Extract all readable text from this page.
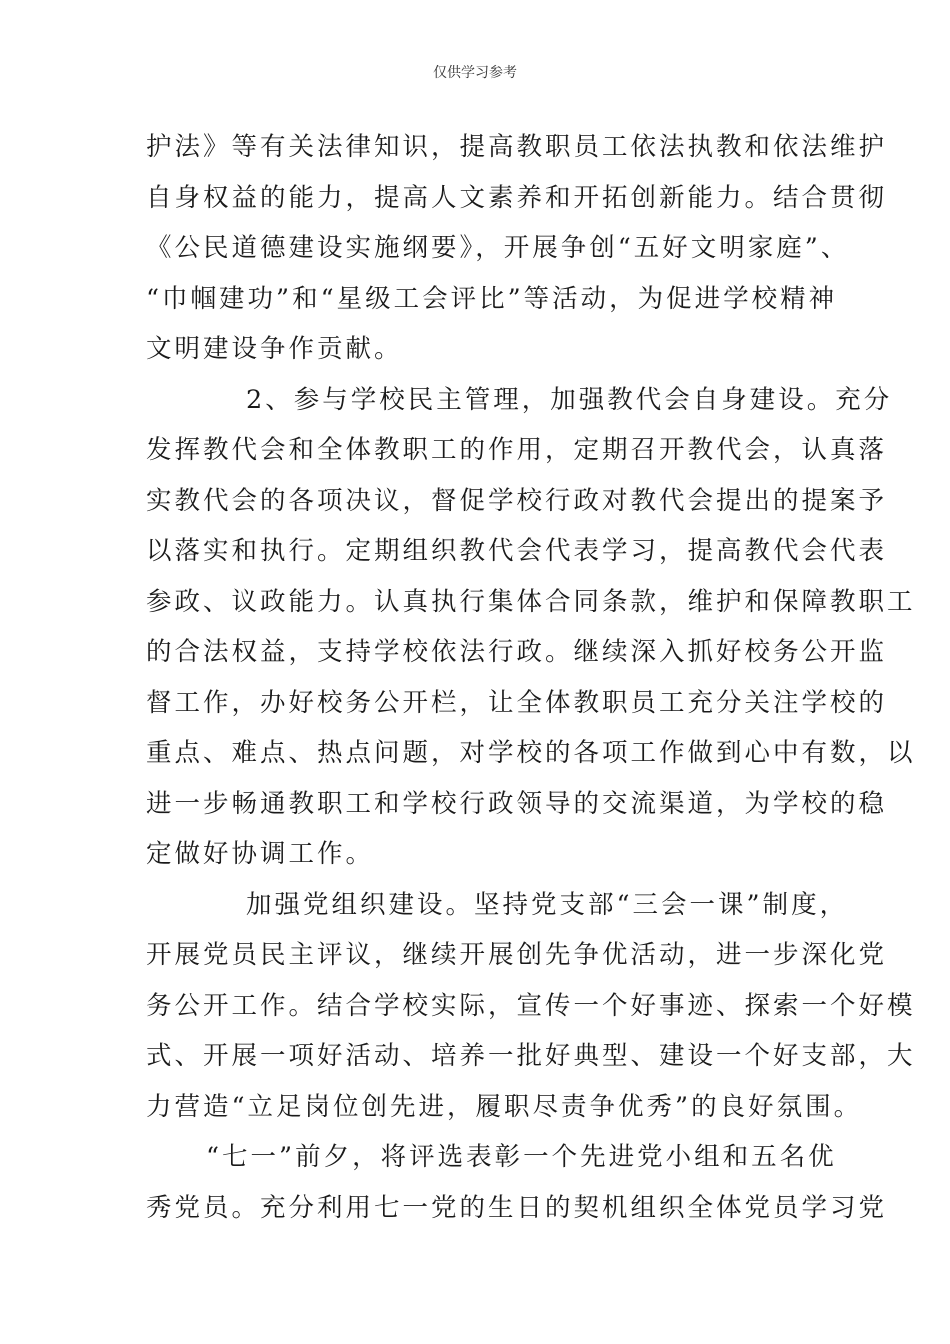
仅供学习参考
护法》等有关法律知识，提高教职员工依法执教和依法维护
自身权益的能力，提高人文素养和开拓创新能力。结合贯彻
《公民道德建设实施纲要》，开展争创“五好文明家庭”、
“巾帼建功”和“星级工会评比”等活动，为促进学校精神
文明建设争作贡献。
2、参与学校民主管理，加强教代会自身建设。充分
发挥教代会和全体教职工的作用，定期召开教代会，认真落
实教代会的各项决议，督促学校行政对教代会提出的提案予
以落实和执行。定期组织教代会代表学习，提高教代会代表
参政、议政能力。认真执行集体合同条款，维护和保障教职工
的合法权益，支持学校依法行政。继续深入抓好校务公开监
督工作，办好校务公开栏，让全体教职员工充分关注学校的
重点、难点、热点问题，对学校的各项工作做到心中有数，以
进一步畅通教职工和学校行政领导的交流渠道，为学校的稳
定做好协调工作。
加强党组织建设。坚持党支部“三会一课”制度，
开展党员民主评议，继续开展创先争优活动，进一步深化党
务公开工作。结合学校实际，宣传一个好事迹、探索一个好模
式、开展一项好活动、培养一批好典型、建设一个好支部，大
力营造“立足岗位创先进，履职尽责争优秀”的良好氛围。
“七一”前夕，将评选表彰一个先进党小组和五名优
秀党员。充分利用七一党的生日的契机组织全体党员学习党
